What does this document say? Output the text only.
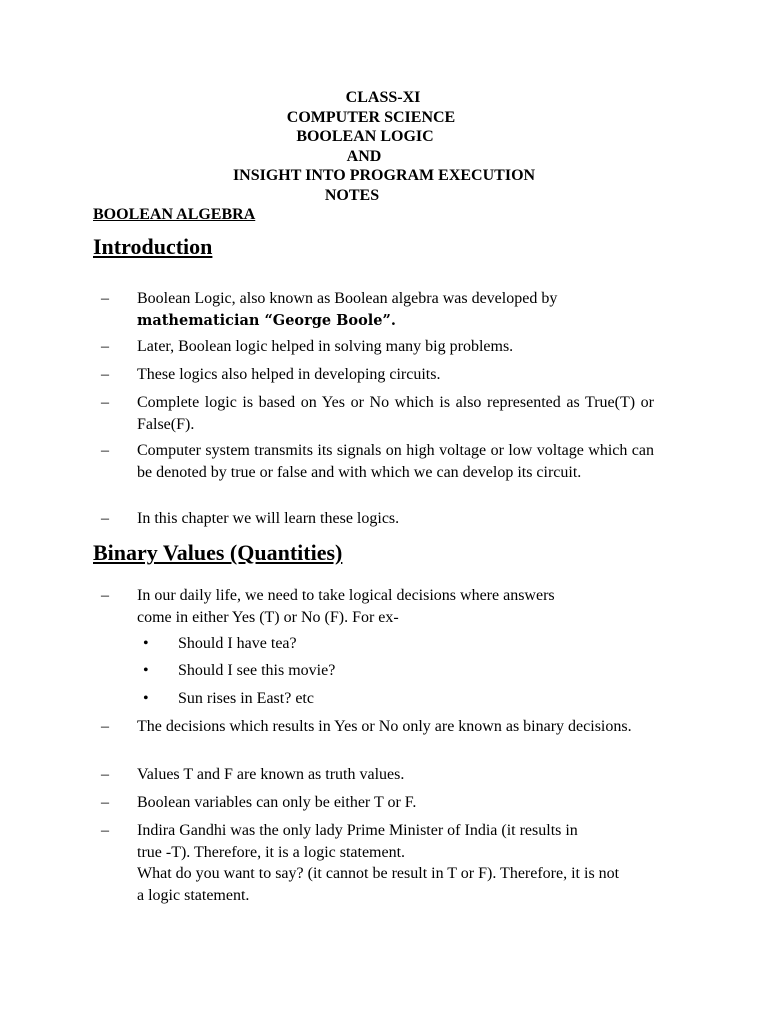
CLASS-XI
COMPUTER SCIENCE
BOOLEAN LOGIC
AND
INSIGHT INTO PROGRAM EXECUTION
NOTES
BOOLEAN ALGEBRA
Introduction
– Boolean Logic, also known as Boolean algebra was developed by
mathematician “George Boole”.
– Later, Boolean logic helped in solving many big problems.
– These logics also helped in developing circuits.
– Complete logic is based on Yes or No which is also represented as True(T) or False(F).
– Computer system transmits its signals on high voltage or low voltage which can be denoted by true or false and with which we can develop its circuit.
– In this chapter we will learn these logics.
Binary Values (Quantities)
– In our daily life, we need to take logical decisions where answers
come in either Yes (T) or No (F). For ex-
• Should I have tea?
• Should I see this movie?
• Sun rises in East? etc
– The decisions which results in Yes or No only are known as binary decisions.
– Values T and F are known as truth values.
– Boolean variables can only be either T or F.
– Indira Gandhi was the only lady Prime Minister of India (it results in
true -T). Therefore, it is a logic statement.
What do you want to say? (it cannot be result in T or F). Therefore, it is not
a logic statement.
